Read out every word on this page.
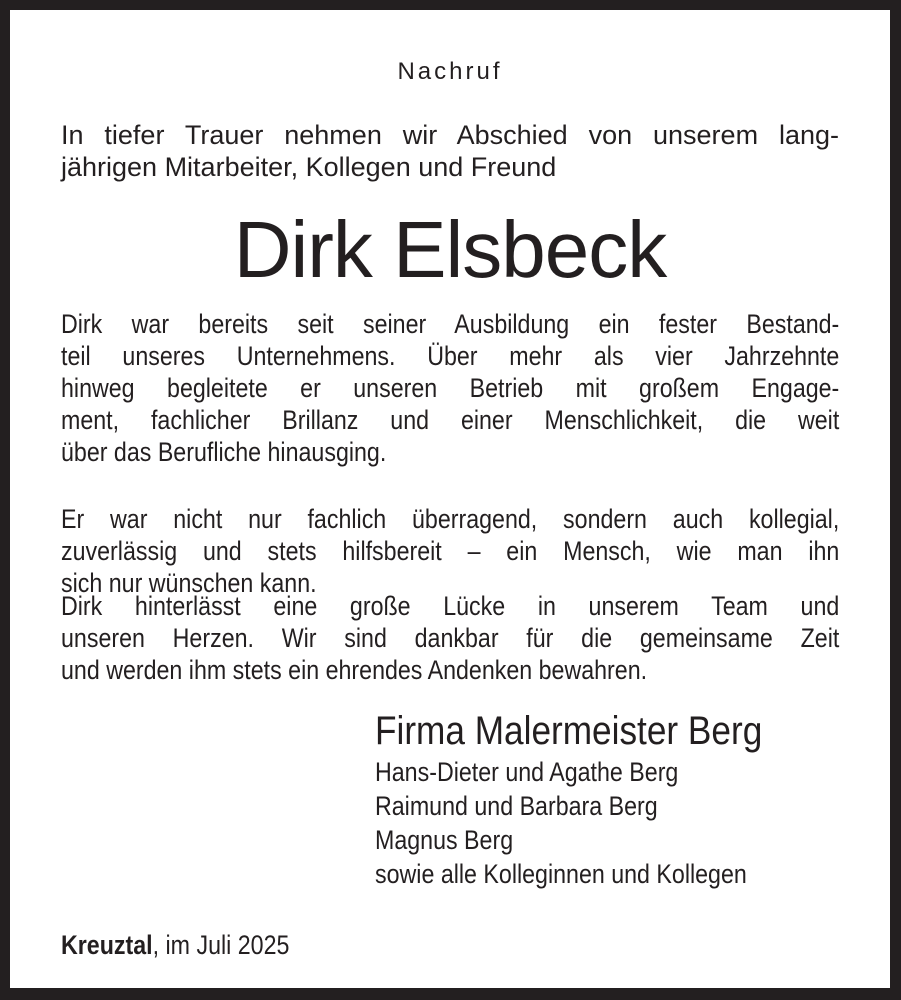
Nachruf
In tiefer Trauer nehmen wir Abschied von unserem lang-
jährigen Mitarbeiter, Kollegen und Freund
Dirk Elsbeck
Dirk war bereits seit seiner Ausbildung ein fester Bestand-
teil unseres Unternehmens. Über mehr als vier Jahrzehnte
hinweg begleitete er unseren Betrieb mit großem Engage-
ment, fachlicher Brillanz und einer Menschlichkeit, die weit
über das Berufliche hinausging.
Er war nicht nur fachlich überragend, sondern auch kollegial,
zuverlässig und stets hilfsbereit – ein Mensch, wie man ihn
sich nur wünschen kann.
Dirk hinterlässt eine große Lücke in unserem Team und
unseren Herzen. Wir sind dankbar für die gemeinsame Zeit
und werden ihm stets ein ehrendes Andenken bewahren.
Firma Malermeister Berg
Hans-Dieter und Agathe Berg
Raimund und Barbara Berg
Magnus Berg
sowie alle Kolleginnen und Kollegen
Kreuztal, im Juli 2025
